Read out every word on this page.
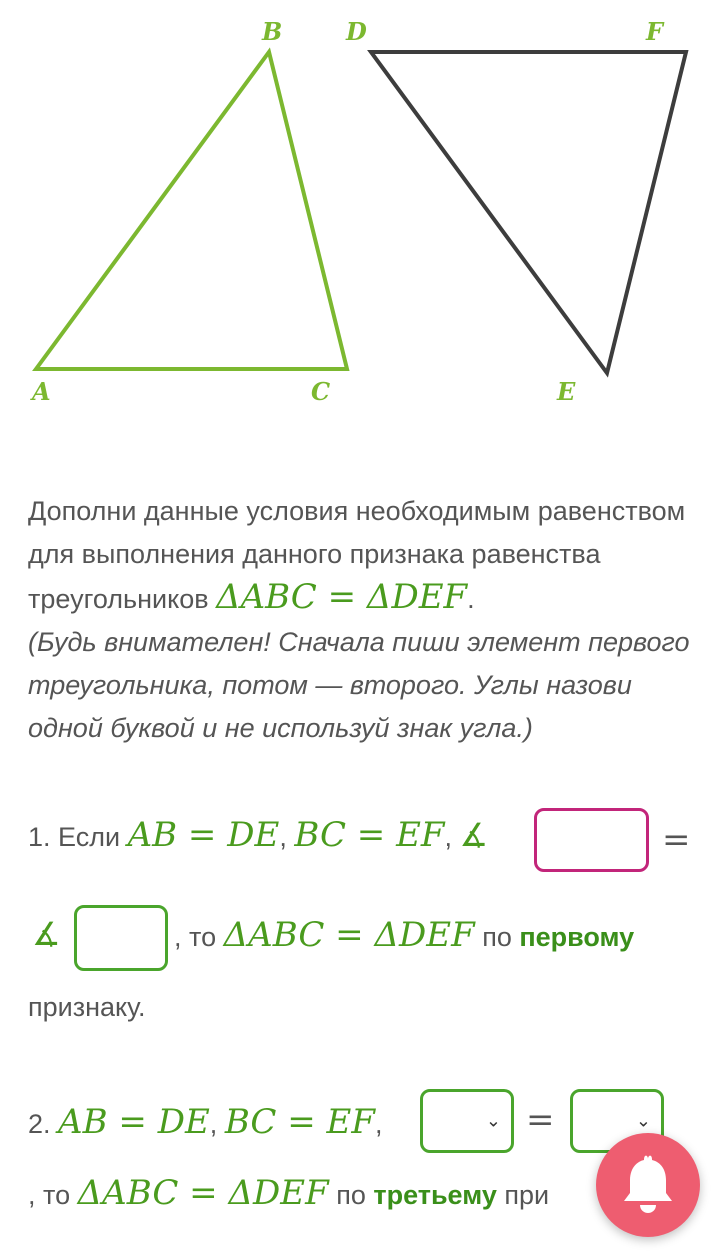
B	D	F
A	C	E
Дополни данные условия необходимым равенством для выполнения данного признака равенства треугольников ΔABC = ΔDEF.
(Будь внимателен! Сначала пиши элемент первого треугольника, потом — второго. Углы назови одной буквой и не используй знак угла.)
1. Если AB = DE, BC = EF, ∡	=
∡	, то ΔABC = ΔDEF по первому
признаку.
2. AB = DE, BC = EF,	⌄ =	⌄
, то ΔABC = ΔDEF по третьему при
